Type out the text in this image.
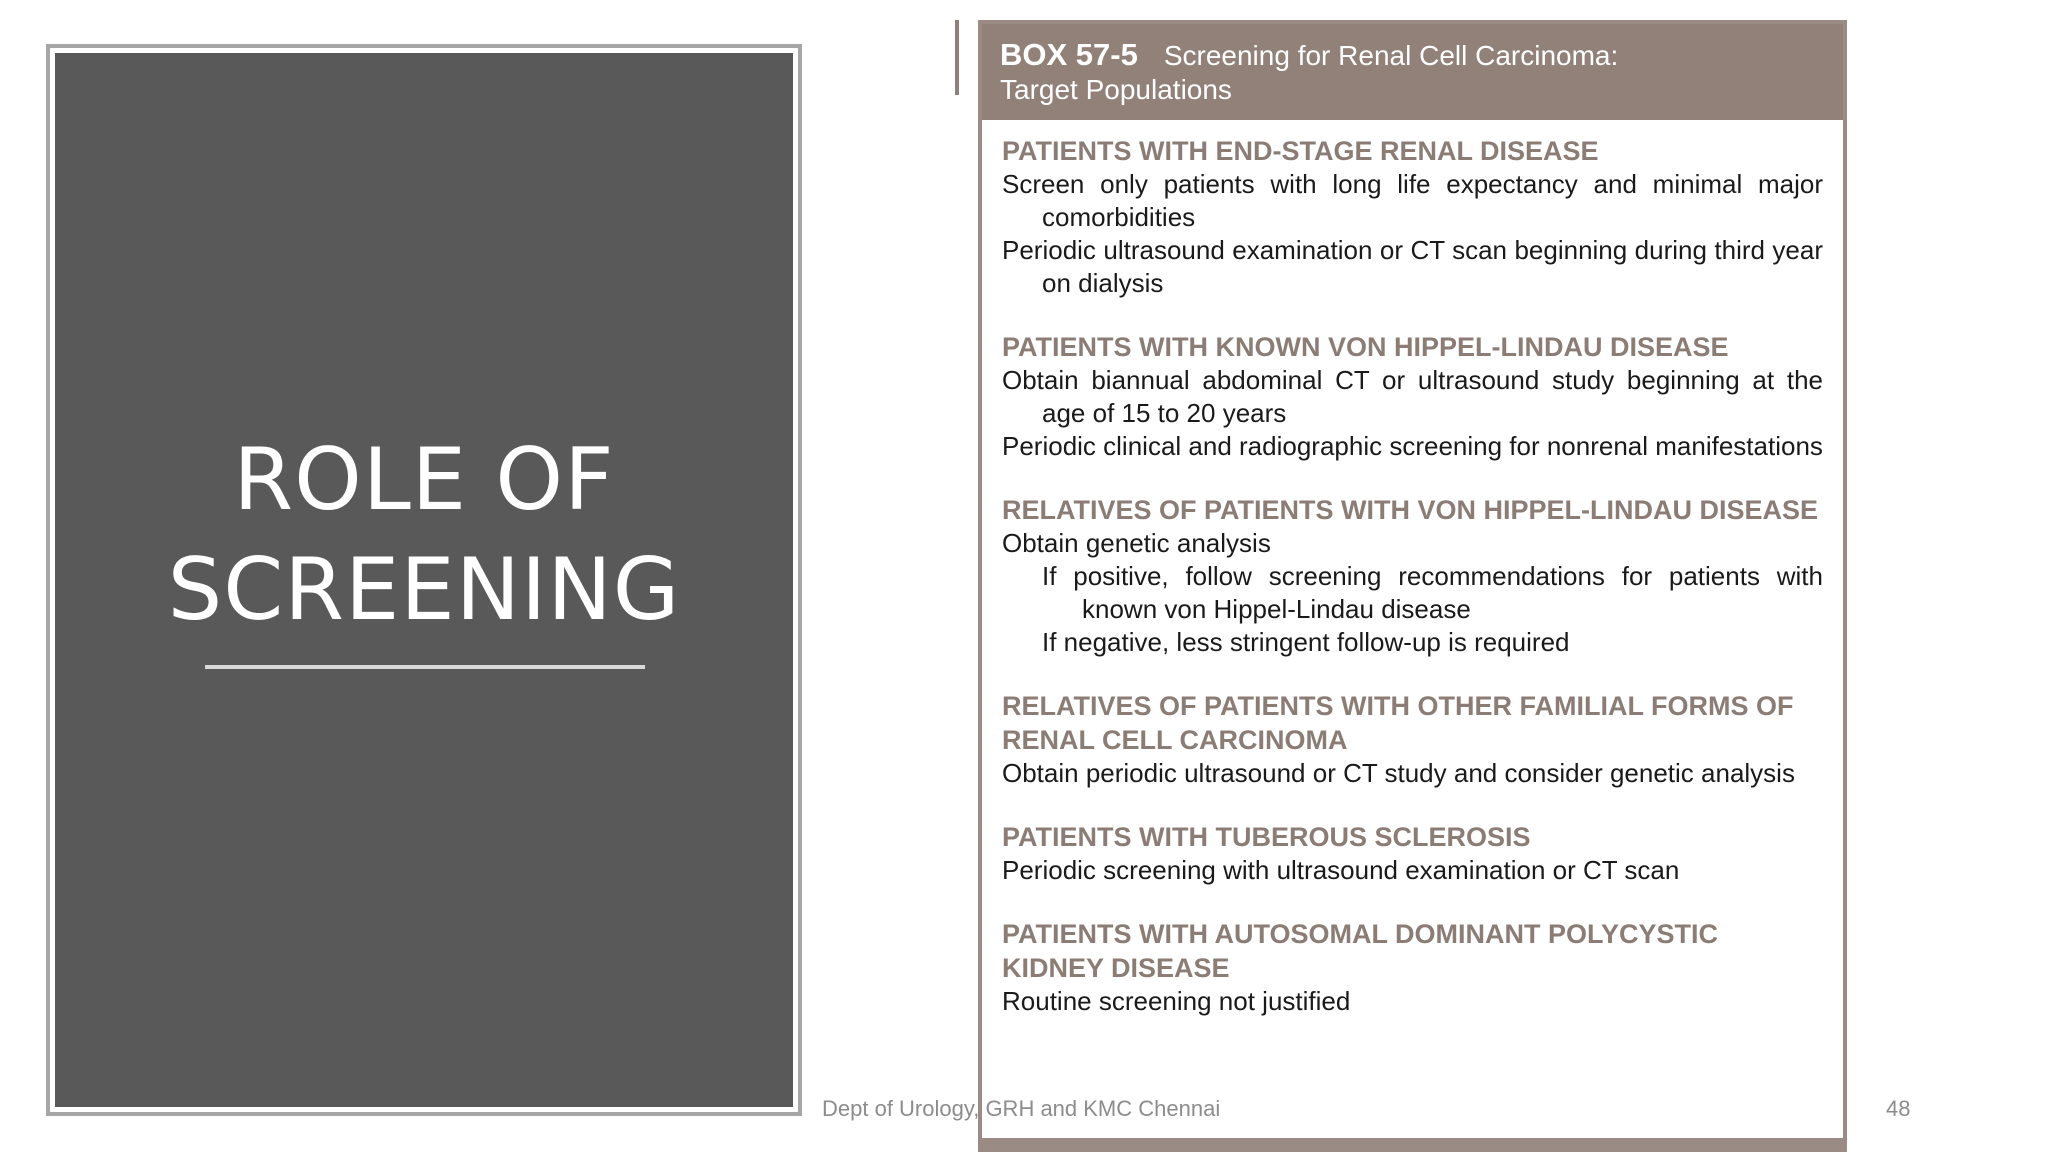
ROLE OF
SCREENING
BOX 57-5 Screening for Renal Cell Carcinoma:
Target Populations
PATIENTS WITH END-STAGE RENAL DISEASE
Screen only patients with long life expectancy and minimal major comorbidities
Periodic ultrasound examination or CT scan beginning during third year on dialysis
PATIENTS WITH KNOWN VON HIPPEL-LINDAU DISEASE
Obtain biannual abdominal CT or ultrasound study beginning at the age of 15 to 20 years
Periodic clinical and radiographic screening for nonrenal manifestations
RELATIVES OF PATIENTS WITH VON HIPPEL-LINDAU DISEASE
Obtain genetic analysis
If positive, follow screening recommendations for patients with known von Hippel-Lindau disease
If negative, less stringent follow-up is required
RELATIVES OF PATIENTS WITH OTHER FAMILIAL FORMS OF RENAL CELL CARCINOMA
Obtain periodic ultrasound or CT study and consider genetic analysis
PATIENTS WITH TUBEROUS SCLEROSIS
Periodic screening with ultrasound examination or CT scan
PATIENTS WITH AUTOSOMAL DOMINANT POLYCYSTIC KIDNEY DISEASE
Routine screening not justified
Dept of Urology, GRH and KMC Chennai	48
